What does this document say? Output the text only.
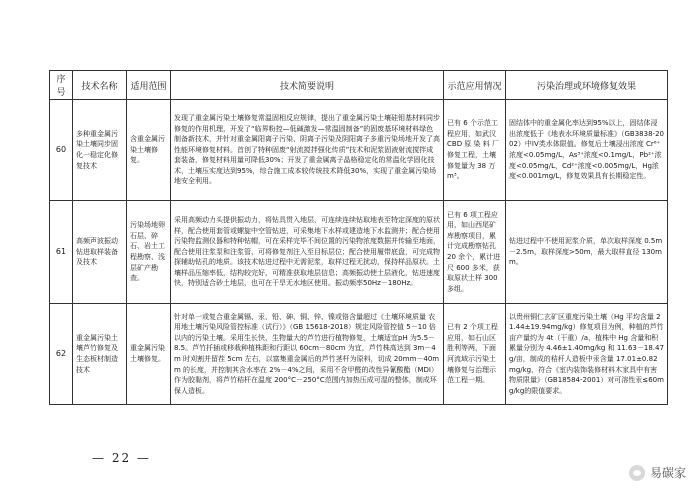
序号	技术名称	适用范围	技术简要说明	示范应用情况	污染治理或环境修复效果
60	多种重金属污染土壤同步固化一稳定化修复技术	含重金属污染土壤修复。	发现了重金属污染土壤修复常温固相反应规律，提出了重金属污染土壤硅钼基材料同步修复的作用机理，开发了“临界粉控—低碱激发—常温固制备”的固废基环境材料绿色制备新技术，并针对重金属阳离子污染、阴离子污染及阴阳离子多重污染场地开发了高性能环境修复材料。首创了特种固废“射流搅拌强化传质”技术和泥浆固液射流搅拌成套装备，修复材料用量可降低30%；开发了重金属离子晶格稳定化的常温化学固化技术，土壤压实度达到95%，综合施工成本较传统技术降低30%，实现了重金属污染场地安全利用。	已有 6 个示范工程应用，如武汉 CBD 原 染 料 厂修复工程，土壤修复量为 38 万 m³。	固结体中的重金属化率达到95%以上，固结体浸出浓度低于《地表水环境质量标准》（GB3838-2002）中IV类水体限值。修复后土壤浸出浓度 Cr⁶⁺浓度<0.05mg/L，As³⁺浓度<0.1mg/L，Pb²⁺浓度<0.05mg/L，Cd²⁺浓度<0.005mg/L，Hg浓度<0.001mg/L，修复效果具有长期稳定性。
61	高频声波振动钻进取样装备及技术	污染场地卵石层、碎石、岩土工程勘察、浅层矿产勘查。	采用高频动力头提供振动力，将钻具贯入地层，可连续连续钻取地表至特定深度的原状样，配合使用套管或螺旋中空管钻进，可采集地下水样或建造地下水监测井；配合使用污染物监测仪器和特种钻帽，可在采样完毕不间位置的污染物浓度数据并传输至地面，配合使用注浆泵和注浆管，可将修复剂注入至目标层位；配合使用履带底盘，可完成物探辅助钻孔的地质。该技术钻进过程中无需泥浆，取样过程无扰动，保持样品原状。土壤样品压缩率低，结构较完好，可精准获取地层信息；高频振动使土层液化，钻进速度快，特别适合砂土地层，也可在干旱无水地区使用。振动频率50Hz－180Hz。	已有 6 项工程应用，如山西尾矿库勘察项目，累计完成勘察钻孔 20 余个，累计进尺 600 多米，获取原状土样 300 多组。	钻进过程中不使用泥浆介质，单次取样深度 0.5m－2.5m，取样深度>50m，最大取样直径 130mm。
62	重金属污染土壤芦竹修复及生态板材制造技术	重金属污染土壤修复。	针对单一或复合重金属镉、汞、铅、砷、铜、锌、镍或铬含量超过《土壤环境质量 农用地土壤污染风险管控标准（试行）》（GB 15618-2018）规定风险管控值 5－10 倍以内的污染土壤。采用生长快、生物量大的芦竹进行植物修复，土壤适宜pH 为5.5－8.5。芦竹扦插或移栽种植株距和行距以 60cm－80cm 为宜，芦竹株高达到 3m－4m 时刈割并留茬 5cm 左右，以富集重金属后的芦竹茎杆为原料，切成 20mm－40mm 的长度，并控制其含水率在 2%－4%之间，采用不含甲醛的改性异氰酸酯（MDI）作为胶黏剂，将芦竹秸杆在温度 200°C－250°C范围内加热压成可湿的整体，制成环保人造板。	已有 2 个项工程应用，如石山区胜利等两，下面河流域示污染土壤修复与治理示范工程一期。	以贵州铜仁玄矿区重度污染土壤（Hg 平均含量 21.44±19.94mg/kg）修复项目为例，种植的芦竹亩产量约为 4t（干重）/a，植株中 Hg 含量和积累量分别为 4.46±1.40mg/kg 和 11.63－18.47g/亩，制成的秸秆人造板中汞含量 17.01±0.82mg/kg，符合《室内装饰装修材料木家具中有害物质限量》（GB18584-2001）对可溶性汞≤60mg/kg的限值要求。
— 22 —
易碳家
